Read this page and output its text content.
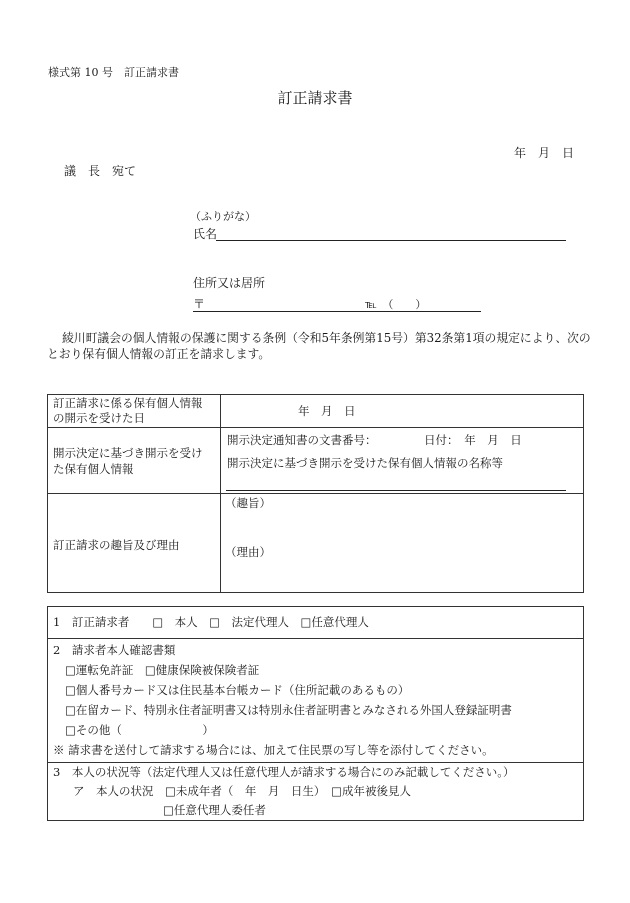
様式第 10 号　訂正請求書
訂正請求書
年　月　日
議　長　宛て
（ふりがな）
氏名
住所又は居所
〒	℡　（　　）
綾川町議会の個人情報の保護に関する条例（令和5年条例第15号）第32条第1項の規定により、次の
とおり保有個人情報の訂正を請求します。
訂正請求に係る保有個人情報
の開示を受けた日	年　月　日
開示決定に基づき開示を受け
た保有個人情報
開示決定通知書の文書番号：	日付：　年　月　日
開示決定に基づき開示を受けた保有個人情報の名称等
訂正請求の趣旨及び理由
（趣旨）
（理由）
1　訂正請求者　　□　本人　□　法定代理人　□任意代理人
2　請求者本人確認書類
□運転免許証　□健康保険被保険者証
□個人番号カード又は住民基本台帳カード（住所記載のあるもの）
□在留カード、特別永住者証明書又は特別永住者証明書とみなされる外国人登録証明書
□その他（　　　　　　　）
※ 請求書を送付して請求する場合には、加えて住民票の写し等を添付してください。
3　本人の状況等（法定代理人又は任意代理人が請求する場合にのみ記載してください。）
ア　本人の状況　□未成年者（　年　月　日生）　□成年被後見人
□任意代理人委任者
